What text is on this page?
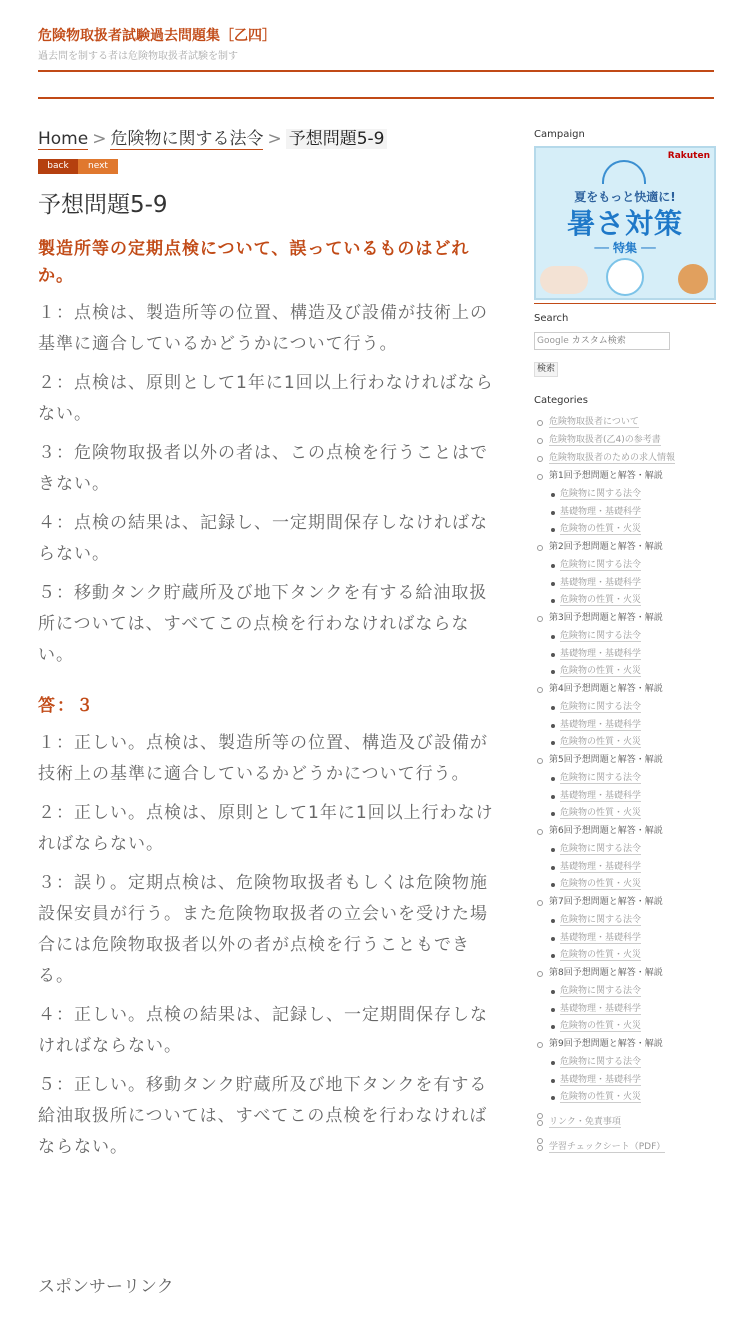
危険物取扱者試験過去問題集［乙四］
過去問を制する者は危険物取扱者試験を制す
Home > 危険物に関する法令 > 予想問題5-9
back	next
予想問題5-9
製造所等の定期点検について、誤っているものはどれか。
１：点検は、製造所等の位置、構造及び設備が技術上の基準に適合しているかどうかについて行う。
２：点検は、原則として1年に1回以上行わなければならない。
３：危険物取扱者以外の者は、この点検を行うことはできない。
４：点検の結果は、記録し、一定期間保存しなければならない。
５：移動タンク貯蔵所及び地下タンクを有する給油取扱所については、すべてこの点検を行わなければならない。
答：３
１：正しい。点検は、製造所等の位置、構造及び設備が技術上の基準に適合しているかどうかについて行う。
２：正しい。点検は、原則として1年に1回以上行わなければならない。
３：誤り。定期点検は、危険物取扱者もしくは危険物施設保安員が行う。また危険物取扱者の立会いを受けた場合には危険物取扱者以外の者が点検を行うこともできる。
４：正しい。点検の結果は、記録し、一定期間保存しなければならない。
５：正しい。移動タンク貯蔵所及び地下タンクを有する給油取扱所については、すべてこの点検を行わなければならない。
スポンサーリンク
Campaign
Rakuten
夏をもっと快適に!
暑さ対策
── 特集 ──
Search
Google カスタム検索
検索
Categories
危険物取扱者について
危険物取扱者(乙4)の参考書
危険物取扱者のための求人情報
第1回予想問題と解答・解説
危険物に関する法令
基礎物理・基礎科学
危険物の性質・火災
第2回予想問題と解答・解説
危険物に関する法令
基礎物理・基礎科学
危険物の性質・火災
第3回予想問題と解答・解説
危険物に関する法令
基礎物理・基礎科学
危険物の性質・火災
第4回予想問題と解答・解説
危険物に関する法令
基礎物理・基礎科学
危険物の性質・火災
第5回予想問題と解答・解説
危険物に関する法令
基礎物理・基礎科学
危険物の性質・火災
第6回予想問題と解答・解説
危険物に関する法令
基礎物理・基礎科学
危険物の性質・火災
第7回予想問題と解答・解説
危険物に関する法令
基礎物理・基礎科学
危険物の性質・火災
第8回予想問題と解答・解説
危険物に関する法令
基礎物理・基礎科学
危険物の性質・火災
第9回予想問題と解答・解説
危険物に関する法令
基礎物理・基礎科学
危険物の性質・火災
リンク・免責事項
学習チェックシート（PDF）
